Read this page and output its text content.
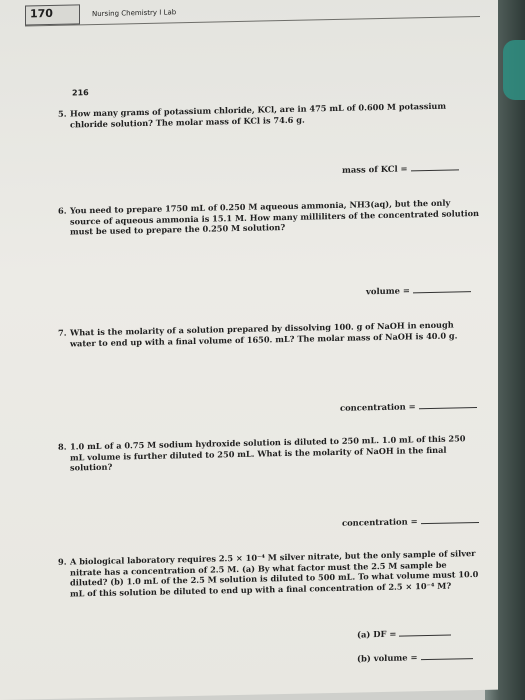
170	Nursing Chemistry I Lab
216
5. How many grams of potassium chloride, KCl, are in 475 mL of 0.600 M potassium chloride solution? The molar mass of KCl is 74.6 g.
mass of KCl =
6. You need to prepare 1750 mL of 0.250 M aqueous ammonia, NH3(aq), but the only source of aqueous ammonia is 15.1 M. How many milliliters of the concentrated solution must be used to prepare the 0.250 M solution?
volume =
7. What is the molarity of a solution prepared by dissolving 100. g of NaOH in enough water to end up with a final volume of 1650. mL? The molar mass of NaOH is 40.0 g.
concentration =
8. 1.0 mL of a 0.75 M sodium hydroxide solution is diluted to 250 mL. 1.0 mL of this 250 mL volume is further diluted to 250 mL. What is the molarity of NaOH in the final solution?
concentration =
9. A biological laboratory requires 2.5 × 10⁻⁴ M silver nitrate, but the only sample of silver nitrate has a concentration of 2.5 M. (a) By what factor must the 2.5 M sample be diluted? (b) 1.0 mL of the 2.5 M solution is diluted to 500 mL. To what volume must 10.0 mL of this solution be diluted to end up with a final concentration of 2.5 × 10⁻⁴ M?
(a) DF =
(b) volume =
